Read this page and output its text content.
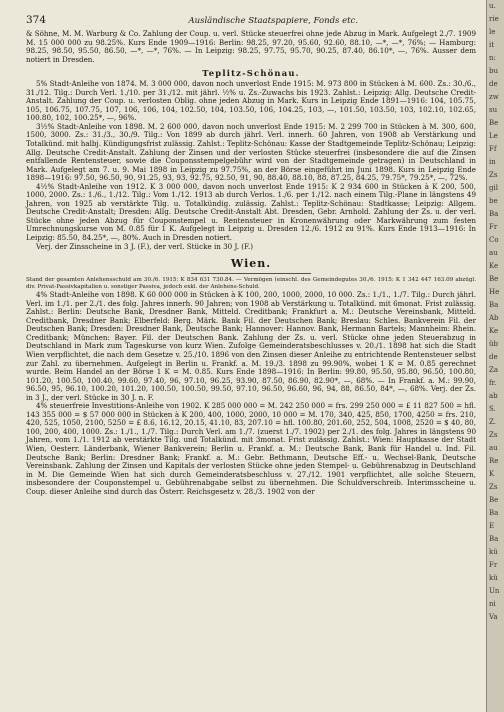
374	Ausländische Staatspapiere, Fonds etc.

& Söhne, M. M. Warburg & Co. Zahlung der Coup. u. verl. Stücke steuerfrei ohne jede Abzug in Mark. Aufgelegt 2./7. 1909 M. 15 000 000 zu 98.25%. Kurs Ende 1909—1916: Berlin: 98.25, 97.20, 95.60, 92.60, 88.10, —*, —*, 76%; — Hamburg: 98.25, 98.50, 95.50, 86.50, —*, —*, 76%. — In Leipzig: 98.25, 97.75, 95.70, 90.25, 87.40, 86.10*, —, 76%. Ausser dem notiert in Dresden.

Teplitz-Schönau.

5% Stadt-Anleihe von 1874. M. 3 000 000, davon noch unverlost Ende 1915: M. 973 800 in Stücken à M. 600. Zs.: 30./6., 31./12. Tilg.: Durch Verl. 1./10. per 31./12. mit jährl. ½% u. Zs.-Zuwachs bis 1923. Zahlst.: Leipzig: Allg. Deutsche Credit-Anstalt. Zahlung der Coup. u. verlosten Oblig. ohne jeden Abzug in Mark. Kurs in Leipzig Ende 1891—1916: 104, 105.75, 105, 106.75, 107.75, 107, 106, 106, 104, 102.50, 104, 103.50, 106, 104.25, 103, —, 101.50, 103.50, 103, 102.10, 102.65, 100.80, 102, 100.25*, —, 96%.

3½% Stadt-Anleihe von 1898. M. 2 600 000, davon noch unverlost Ende 1915: M. 2 299 700 in Stücken à M. 300, 600, 1500, 3000. Zs.: 31./3., 30./9. Tilg.: Von 1899 ab durch jährl. Verl. innerh. 60 Jahren, von 1908 ab Verstärkung und Totalkünd. mit halbj. Kündigungsfrist zulässig. Zahlst.: Teplitz-Schönau: Kasse der Stadtgemeinde Teplitz-Schönau; Leipzig: Allg. Deutsche Credit-Anstalt. Zahlung der Zinsen und der verlosten Stücke steuerfrei (insbesondere die auf die Zinsen entfallende Rentensteuer, sowie die Couponsstempelgebühr wird von der Stadtgemeinde getragen) in Deutschland in Mark. Aufgelegt am 7. u. 9. Mai 1898 in Leipzig zu 97.75%, an der Börse eingeführt im Juni 1898. Kurs in Leipzig Ende 1898—1916: 97.50, 96.50, 90, 91.25, 93, 93, 92.75, 92.50, 91, 90, 88.40, 88.10, 88, 87.25, 84.25, 79.75*, 79.25*, —, 72%.

4½% Stadt-Anleihe von 1912. K 3 000 000, davon noch unverlost Ende 1915: K 2 934 600 in Stücken à K 200, 500, 1000, 2000. Zs.: 1./6., 1./12. Tilg.: Vom 1./12. 1913 ab durch Verlos. 1./6. per 1./12. nach einem Tilg.-Plane in längstens 49 Jahren, von 1925 ab verstärkte Tilg. u. Totalkündig. zulässig. Zahlst.: Teplitz-Schönau: Stadtkasse; Leipzig: Allgem. Deutsche Credit-Anstalt; Dresden: Allg. Deutsche Credit-Anstalt Abt. Dresden, Gebr. Arnhold. Zahlung der Zs. u. der verl. Stücke ohne jeden Abzug für Couponstempel u. Rentensteuer in Kronenwährung oder Markwährung zum festen Umrechnungskurse von M. 0.85 für 1 K. Aufgelegt in Leipzig u. Dresden 12./6. 1912 zu 91%. Kurs Ende 1913—1916: In Leipzig: 85.50, 84.25*, —, 80%. Auch in Dresden notiert.

Verj. der Zinsscheine in 3 J. (F.), der verl. Stücke in 30 J. (F.)

Wien.

Stand der gesamten Anlehensschuld am 30./6. 1915: K 834 631 730.84. — Vermögen (einschl. des Gemeindegutes 30./6. 1915: K 1 342 447 163.09 abzügl. div. Privat-Passivkapitalien u. sonstiger Passiva, jedoch exkl. der Anlehens-Schuld.

4% Stadt-Anleihe von 1898. K 60 000 000 in Stücken à K 100, 200, 1000, 2000, 10 000. Zs.: 1./1., 1./7. Tilg.: Durch jährl. Verl. im 1./1. per 2./1. des folg. Jahres innerh. 90 Jahren; von 1908 ab Verstärkung u. Totalkünd. mit 6monat. Frist zulässig. Zahlst.: Berlin: Deutsche Bank, Dresdner Bank, Mitteld. Creditbank; Frankfurt a. M.: Deutsche Vereinsbank, Mitteld. Creditbank, Dresdner Bank; Elberfeld: Berg. Märk. Bank Fil. der Deutschen Bank; Breslau: Schles. Bankverein Fil. der Deutschen Bank; Dresden: Dresdner Bank, Deutsche Bank; Hannover: Hannov. Bank, Hermann Bartels; Mannheim: Rhein. Creditbank; München: Bayer. Fil. der Deutschen Bank. Zahlung der Zs. u. verl. Stücke ohne jeden Steuerabzug in Deutschland in Mark zum Tageskurse von kurz Wien. Zufolge Gemeinderatsbeschlusses v. 20./1. 1898 hat sich die Stadt Wien verpflichtet, die nach dem Gesetze v. 25./10. 1896 von den Zinsen dieser Anleihe zu entrichtende Rentensteuer selbst zur Zahl. zu übernehmen. Aufgelegt in Berlin u. Frankf. a. M. 19./3. 1898 zu 99.90%, wobei 1 K = M. 0.85 gerechnet wurde. Beim Handel an der Börse 1 K = M. 0.85. Kurs Ende 1898—1916: In Berlin: 99.80, 95.50, 95.80, 96.50, 100.80, 101.20, 100.50, 100.40, 99.60, 97.40, 96, 97.10, 96.25, 93.90, 87.50, 86.90, 82.90*, —, 68%. — In Frankf. a. M.: 99.90, 96.50, 95, 96.10, 100.20, 101.20, 100.50, 100.50, 99.50, 97.10, 96.50, 96.60, 96, 94, 88, 86.50, 84*, —, 68%. Verj. der Zs. in 3 J., der verl. Stücke in 30 J. n. F.

4% steuerfreie Investitions-Anleihe von 1902. K 285 000 000 = M. 242 250 000 = frs. 299 250 000 = £ 11 827 500 = hfl. 143 355 000 = $ 57 000 000 in Stücken à K 200, 400, 1000, 2000, 10 000 = M. 170, 340, 425, 850, 1700, 4250 = frs. 210, 420, 525, 1050, 2100, 5250 = £ 8.6, 16.12, 20.15, 41.10, 83, 207.10 = hfl. 100.80, 201.60, 252, 504, 1008, 2520 = $ 40, 80, 100, 200, 400, 1000. Zs.: 1./1., 1./7. Tilg.: Durch Verl. am 1./7. (zuerst 1./7. 1902) per 2./1. des folg. Jahres in längstens 90 Jahren, vom 1./1. 1912 ab verstärkte Tilg. und Totalkünd. mit 3monat. Frist zulässig. Zahlst.: Wien: Hauptkasse der Stadt Wien, Oesterr. Länderbank, Wiener Bankverein; Berlin u. Frankf. a. M.: Deutsche Bank, Bank für Handel u. Ind. Fil. Deutsche Bank; Berlin: Dresdner Bank; Frankf. a. M.: Gebr. Bethmann, Deutsche Eff.- u. Wechsel-Bank, Deutsche Vereinsbank. Zahlung der Zinsen und Kapitals der verlosten Stücke ohne jeden Stempel- u. Gebührenabzug in Deutschland in M. Die Gemeinde Wien hat sich durch Gemeinderatsbeschluss v. 27./12. 1901 verpflichtet, alle solche Steuern, insbesondere der Couponstempel u. Gebührenabgabe selbst zu übernehmen. Die Schuldverschreib. Interimsscheine u. Coup. dieser Anleihe sind durch das Österr. Reichsgesetz v. 28./3. 1902 von der

u.
rie
le
it
n:
bu
de
zw
su
Be
Le
Ff
in
Zs
gil
be
Ba
Fr
Co
au
Ke
Be
He
Ba
Ab
Ke
üb
de
Za
fr.
ab
S.
Z.
Zs
au
Re
K
Zs
Be
Ba
E
Ba
kü
Fr
kü
Un
ni
Va
